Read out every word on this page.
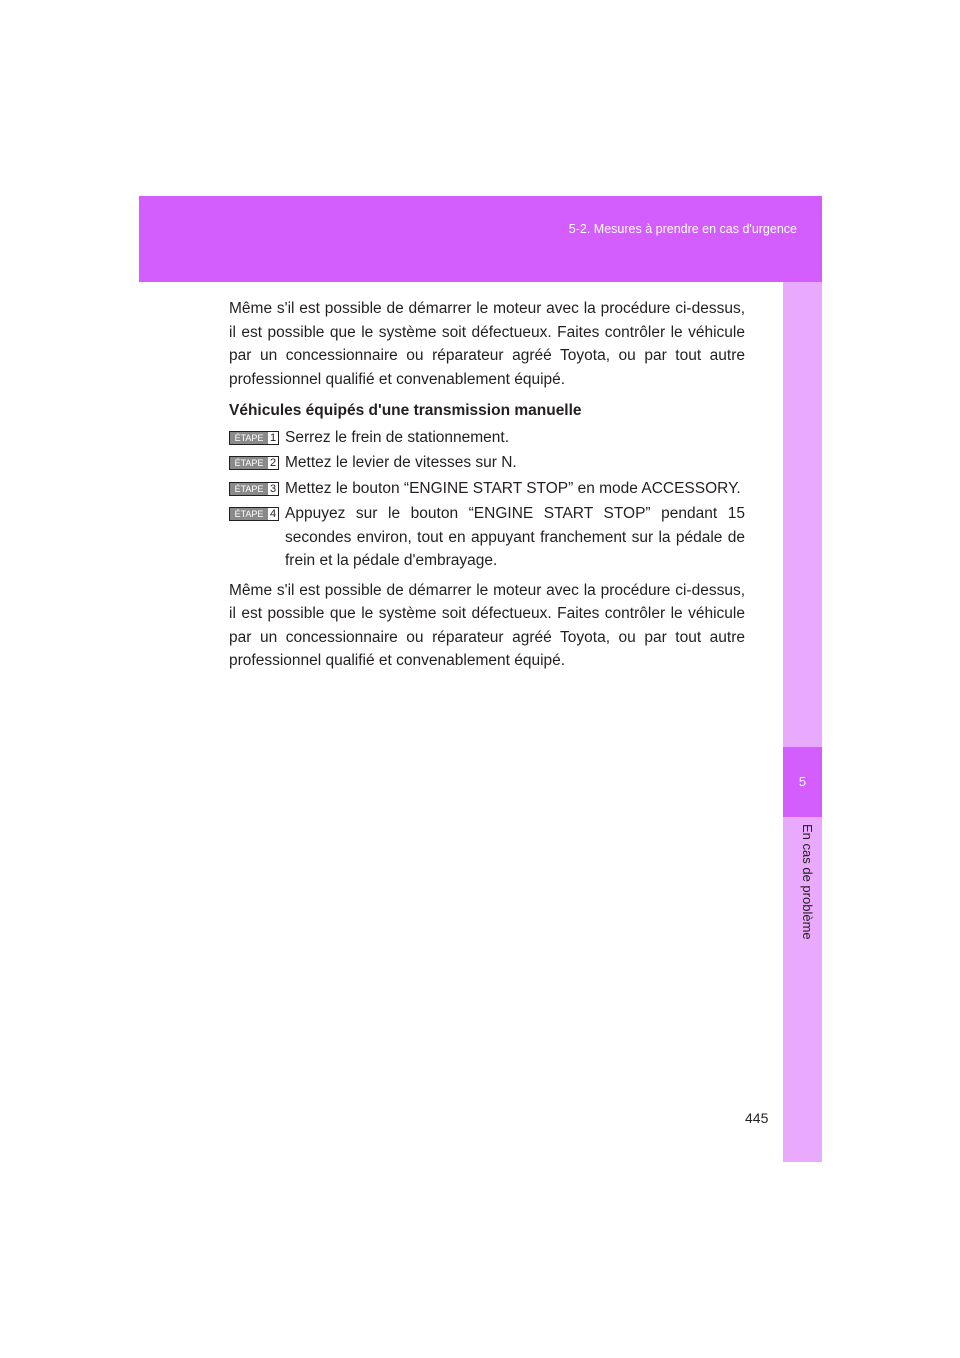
5-2. Mesures à prendre en cas d'urgence
5
En cas de problème

Même s'il est possible de démarrer le moteur avec la procédure ci-dessus, il est possible que le système soit défectueux. Faites contrôler le véhicule par un concessionnaire ou réparateur agréé Toyota, ou par tout autre professionnel qualifié et convenablement équipé.

Véhicules équipés d'une transmission manuelle

ÉTAPE 1 Serrez le frein de stationnement.
ÉTAPE 2 Mettez le levier de vitesses sur N.
ÉTAPE 3 Mettez le bouton “ENGINE START STOP” en mode ACCESSORY.
ÉTAPE 4 Appuyez sur le bouton “ENGINE START STOP” pendant 15 secondes environ, tout en appuyant franchement sur la pédale de frein et la pédale d'embrayage.

Même s'il est possible de démarrer le moteur avec la procédure ci-dessus, il est possible que le système soit défectueux. Faites contrôler le véhicule par un concessionnaire ou réparateur agréé Toyota, ou par tout autre professionnel qualifié et convenablement équipé.

445
